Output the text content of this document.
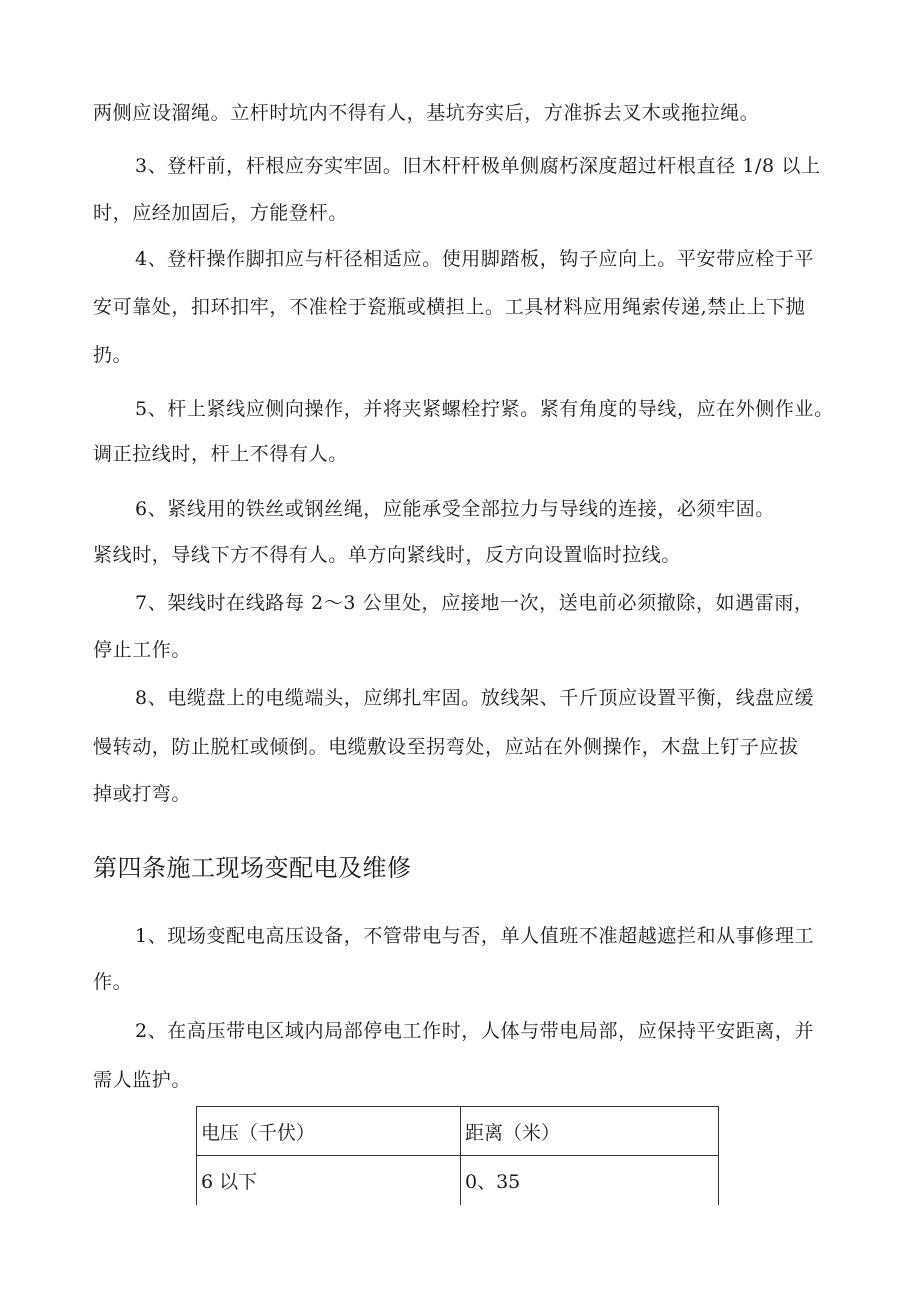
两侧应设溜绳。立杆时坑内不得有人，基坑夯实后，方准拆去叉木或拖拉绳。
3、登杆前，杆根应夯实牢固。旧木杆杆极单侧腐朽深度超过杆根直径 1/8 以上
时，应经加固后，方能登杆。
4、登杆操作脚扣应与杆径相适应。使用脚踏板，钩子应向上。平安带应栓于平
安可靠处，扣环扣牢，不准栓于瓷瓶或横担上。工具材料应用绳索传递,禁止上下抛
扔。
5、杆上紧线应侧向操作，并将夹紧螺栓拧紧。紧有角度的导线，应在外侧作业。
调正拉线时，杆上不得有人。
6、紧线用的铁丝或钢丝绳，应能承受全部拉力与导线的连接，必须牢固。
紧线时，导线下方不得有人。单方向紧线时，反方向设置临时拉线。
7、架线时在线路每 2～3 公里处，应接地一次，送电前必须撤除，如遇雷雨，
停止工作。
8、电缆盘上的电缆端头，应绑扎牢固。放线架、千斤顶应设置平衡，线盘应缓
慢转动，防止脱杠或倾倒。电缆敷设至拐弯处，应站在外侧操作，木盘上钉子应拔
掉或打弯。
第四条施工现场变配电及维修
1、现场变配电高压设备，不管带电与否，单人值班不准超越遮拦和从事修理工
作。
2、在高压带电区域内局部停电工作时，人体与带电局部，应保持平安距离，并
需人监护。
电压（千伏）	距离（米）
6 以下	0、35
